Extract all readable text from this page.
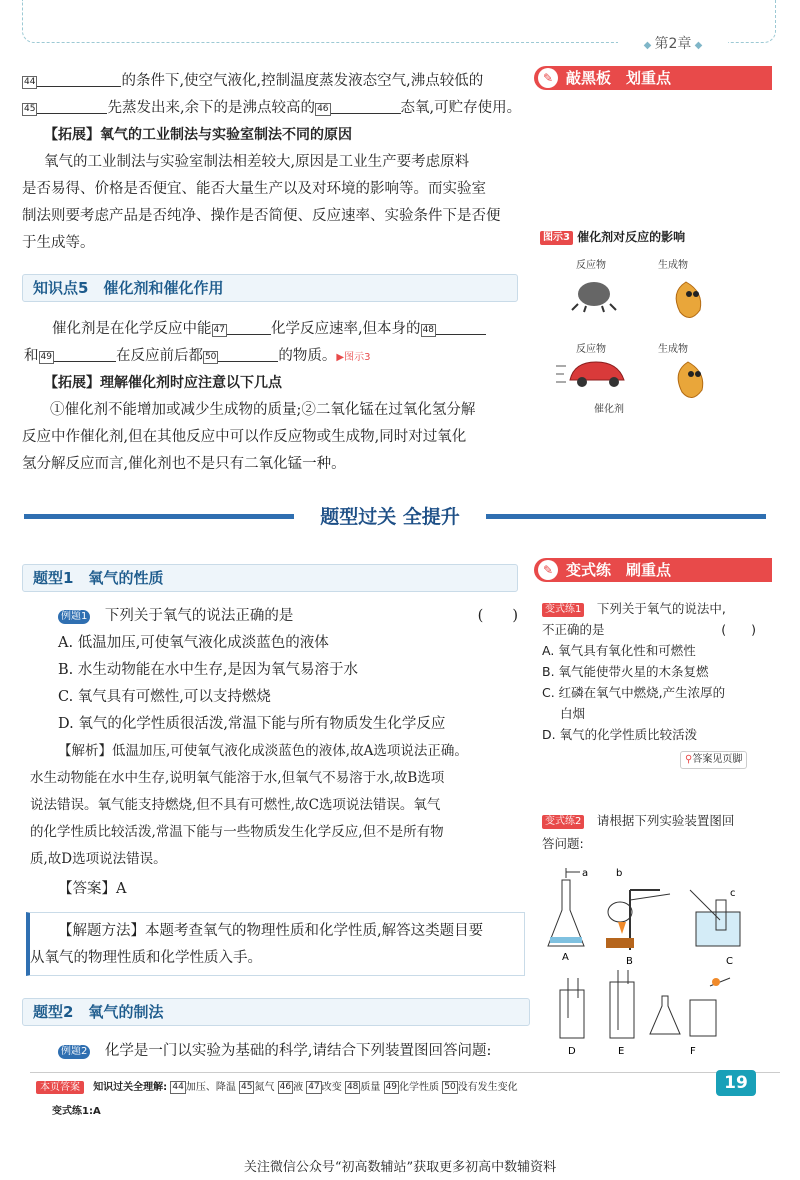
◆ 第2章 ◆
44	的条件下,使空气液化,控制温度蒸发液态空气,沸点较低的
45	先蒸发出来,余下的是沸点较高的 46	态氧,可贮存使用。
【拓展】氧气的工业制法与实验室制法不同的原因
氧气的工业制法与实验室制法相差较大,原因是工业生产要考虑原料
是否易得、价格是否便宜、能否大量生产以及对环境的影响等。而实验室
制法则要考虑产品是否纯净、操作是否简便、反应速率、实验条件下是否便
于生成等。
知识点5　催化剂和催化作用
催化剂是在化学反应中能 47	化学反应速率,但本身的 48
和 49	在反应前后都 50	的物质。▶图示3
【拓展】理解催化剂时应注意以下几点
①催化剂不能增加或减少生成物的质量;②二氧化锰在过氧化氢分解
反应中作催化剂,但在其他反应中可以作反应物或生成物,同时对过氧化
氢分解反应而言,催化剂也不是只有二氧化锰一种。
✎ 敲黑板　划重点
图示3 催化剂对反应的影响
反应物	生成物
反应物	生成物
催化剂
题型过关 全提升
题型1　氧气的性质
例题1　 下列关于氧气的说法正确的是	(　　)
A. 低温加压,可使氧气液化成淡蓝色的液体
B. 水生动物能在水中生存,是因为氧气易溶于水
C. 氧气具有可燃性,可以支持燃烧
D. 氧气的化学性质很活泼,常温下能与所有物质发生化学反应
【解析】低温加压,可使氧气液化成淡蓝色的液体,故A选项说法正确。
水生动物能在水中生存,说明氧气能溶于水,但氧气不易溶于水,故B选项
说法错误。氧气能支持燃烧,但不具有可燃性,故C选项说法错误。氧气
的化学性质比较活泼,常温下能与一些物质发生化学反应,但不是所有物
质,故D选项说法错误。
【答案】A
【解题方法】本题考查氧气的物理性质和化学性质,解答这类题目要
从氧气的物理性质和化学性质入手。
题型2　氧气的制法
例题2　 化学是一门以实验为基础的科学,请结合下列装置图回答问题:
✎ 变式练　刷重点
变式练1　 下列关于氧气的说法中,
不正确的是	(　　)
A. 氧气具有氧化性和可燃性
B. 氧气能使带火星的木条复燃
C. 红磷在氧气中燃烧,产生浓厚的
白烟
D. 氧气的化学性质比较活泼
⚲答案见页脚
变式练2　 请根据下列实验装置图回
答问题:
a
A
b
B
c
C
D	E	F
本页答案 知识过关全理解: 44 加压、降温 45 氮气 46 液 47 改变 48 质量 49 化学性质 50 没有发生变化
变式练1:A
19
关注微信公众号“初高数辅站”获取更多初高中数辅资料
